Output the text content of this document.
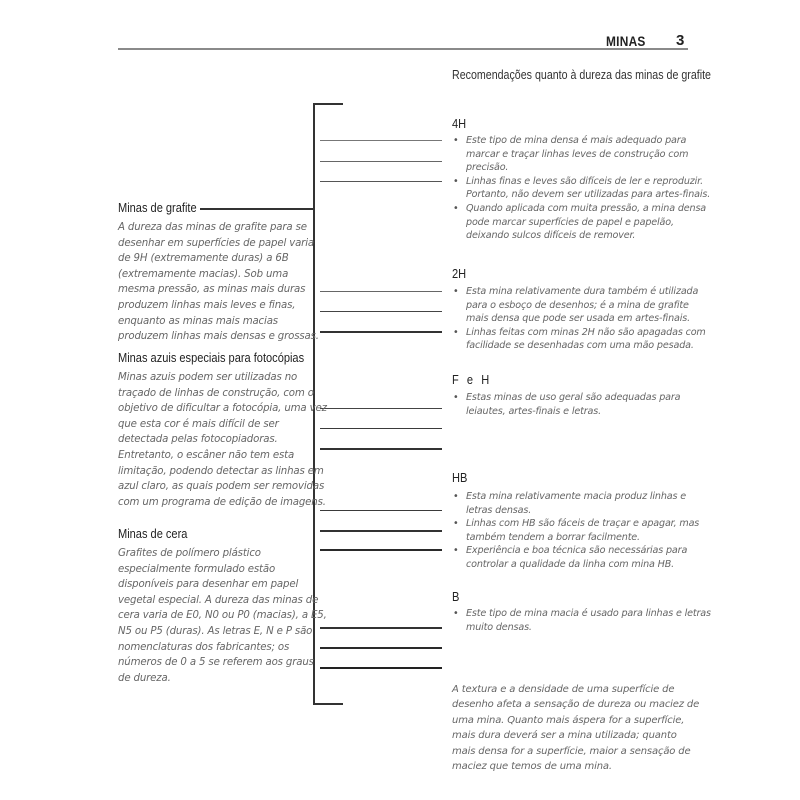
MINAS 3
Recomendações quanto à dureza das minas de grafite
Minas de grafite
A dureza das minas de grafite para se desenhar em superfícies de papel varia de 9H (extremamente duras) a 6B (extremamente macias). Sob uma mesma pressão, as minas mais duras produzem linhas mais leves e finas, enquanto as minas mais macias produzem linhas mais densas e grossas.
Minas azuis especiais para fotocópias
Minas azuis podem ser utilizadas no traçado de linhas de construção, com o objetivo de dificultar a fotocópia, uma vez que esta cor é mais difícil de ser detectada pelas fotocopiadoras. Entretanto, o escâner não tem esta limitação, podendo detectar as linhas em azul claro, as quais podem ser removidas com um programa de edição de imagens.
Minas de cera
Grafites de polímero plástico especialmente formulado estão disponíveis para desenhar em papel vegetal especial. A dureza das minas de cera varia de E0, N0 ou P0 (macias), a E5, N5 ou P5 (duras). As letras E, N e P são nomenclaturas dos fabricantes; os números de 0 a 5 se referem aos graus de dureza.
4H
• Este tipo de mina densa é mais adequado para marcar e traçar linhas leves de construção com precisão.
• Linhas finas e leves são difíceis de ler e reproduzir. Portanto, não devem ser utilizadas para artes-finais.
• Quando aplicada com muita pressão, a mina densa pode marcar superfícies de papel e papelão, deixando sulcos difíceis de remover.
2H
• Esta mina relativamente dura também é utilizada para o esboço de desenhos; é a mina de grafite mais densa que pode ser usada em artes-finais.
• Linhas feitas com minas 2H não são apagadas com facilidade se desenhadas com uma mão pesada.
F e H
• Estas minas de uso geral são adequadas para leiautes, artes-finais e letras.
HB
• Esta mina relativamente macia produz linhas e letras densas.
• Linhas com HB são fáceis de traçar e apagar, mas também tendem a borrar facilmente.
• Experiência e boa técnica são necessárias para controlar a qualidade da linha com mina HB.
B
• Este tipo de mina macia é usado para linhas e letras muito densas.
A textura e a densidade de uma superfície de desenho afeta a sensação de dureza ou maciez de uma mina. Quanto mais áspera for a superfície, mais dura deverá ser a mina utilizada; quanto mais densa for a superfície, maior a sensação de maciez que temos de uma mina.
